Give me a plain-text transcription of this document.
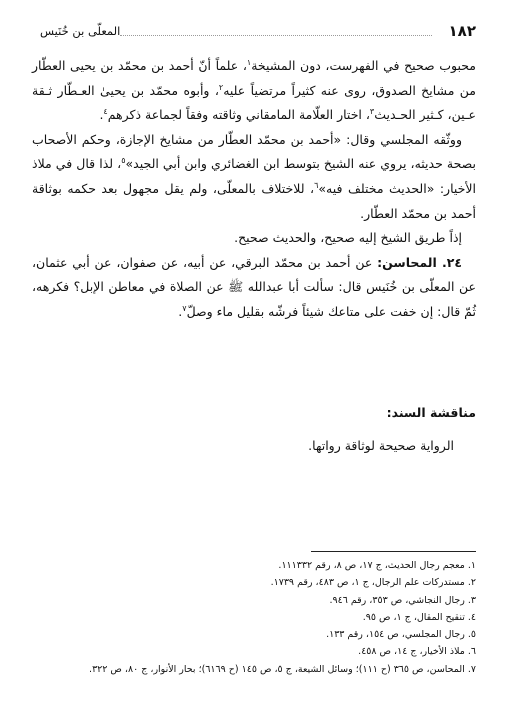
١٨٢
المعلّى بن خُنَيس

محبوب صحيح في الفهرست، دون المشيخة$^١$، علماً أنّ أحمد بن محمّد بن يحيى العطّار من مشايخ الصدوق، روى عنه كثيراً مرتضياً عليه$^٢$، وأبوه محمّد بن يحيىٰ العـطّار ثـقة عـين، كـثير الحـديث$^٣$، اختار العلّامة المامقاني وثاقته وفقاً لجماعة ذكرهم$^٤$.

ووثّقه المجلسي وقال: «أحمد بن محمّد العطّار من مشايخ الإجازة، وحكم الأصحاب بصحة حديثه، يروي عنه الشيخ بتوسط ابن الغضائري وابن أبي الجيد»$^٥$، لذا قال في ملاذ الأخيار: «الحديث مختلف فيه»$^٦$، للاختلاف بالمعلّى، ولم يقل مجهول بعد حكمه بوثاقة أحمد بن محمّد العطّار.

إذاً طريق الشيخ إليه صحيح، والحديث صحيح.

٢٤. المحاسن: عن أحمد بن محمّد البرقي، عن أبيه، عن صفوان، عن أبي عثمان، عن المعلّى بن خُنَيس قال: سألت أبا عبدالله ﷺ عن الصلاة في معاطن الإبل؟ فكرهه، ثُمّ قال: إن خفت على متاعك شيئاً فرشّه بقليل ماء وصلّ$^٧$.

مناقشة السند:
الرواية صحيحة لوثاقة رواتها.

١. معجم رجال الحديث، ج ١٧، ص ٨، رقم ١١١٣٣٢.

٢. مستدركات علم الرجال، ج ١، ص ٤٨٣، رقم ١٧٣٩.

٣. رجال النجاشي، ص ٣٥٣، رقم ٩٤٦.

٤. تنقيح المقال، ج ١، ص ٩٥.

٥. رجال المجلسي، ص ١٥٤، رقم ١٣٣.

٦. ملاذ الأخيار، ج ١٤، ص ٤٥٨.

٧. المحاسن، ص ٣٦٥ (ح ١١١)؛ وسائل الشيعة، ج ٥، ص ١٤٥ (ح ٦١٦٩)؛ بحار الأنوار، ج ٨٠، ص ٣٢٢.
